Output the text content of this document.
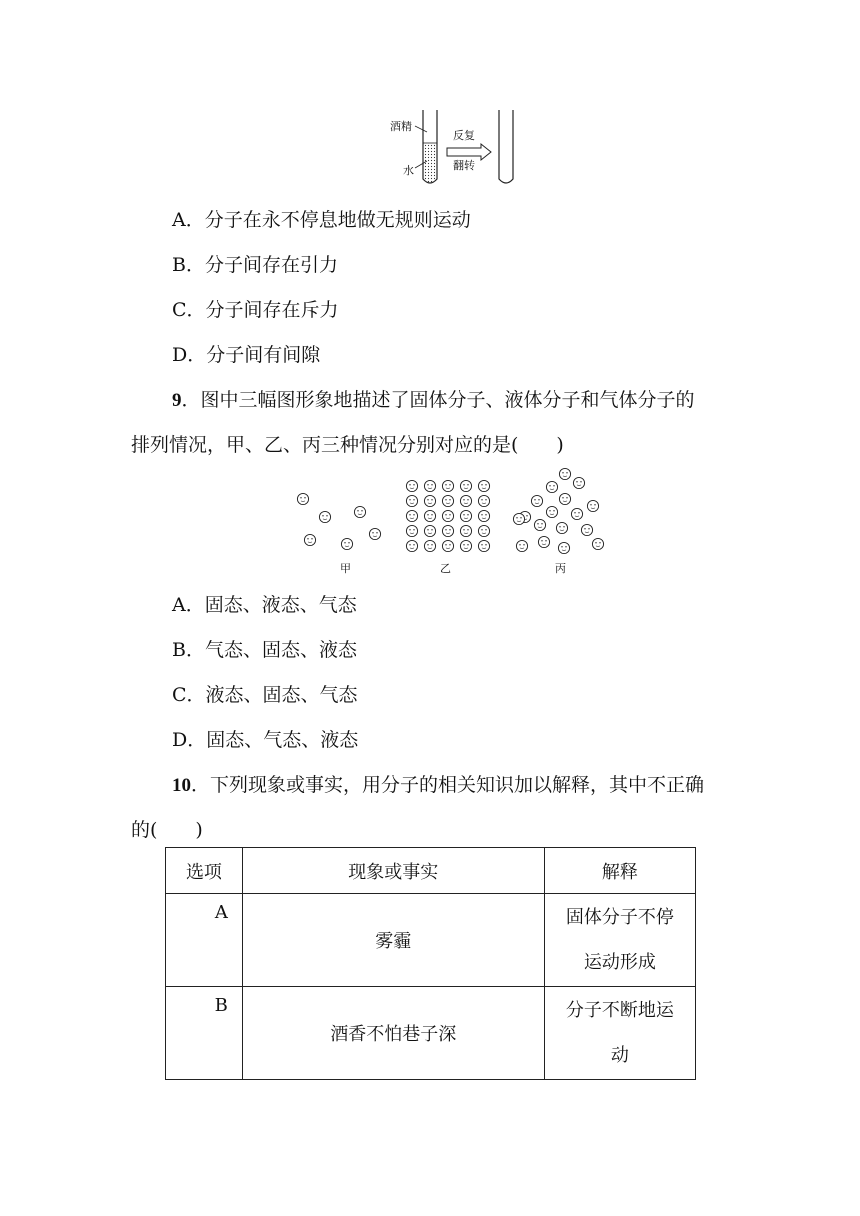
酒精
水
反复
翻转
A．分子在永不停息地做无规则运动
B．分子间存在引力
C．分子间存在斥力
D．分子间有间隙
9．图中三幅图形象地描述了固体分子、液体分子和气体分子的
排列情况，甲、乙、丙三种情况分别对应的是(　　)
甲	乙	丙
A．固态、液态、气态
B．气态、固态、液态
C．液态、固态、气态
D．固态、气态、液态
10．下列现象或事实，用分子的相关知识加以解释，其中不正确
的(　　)
选项	现象或事实	解释
A	雾霾	固体分子不停
运动形成

B	酒香不怕巷子深	分子不断地运
动
